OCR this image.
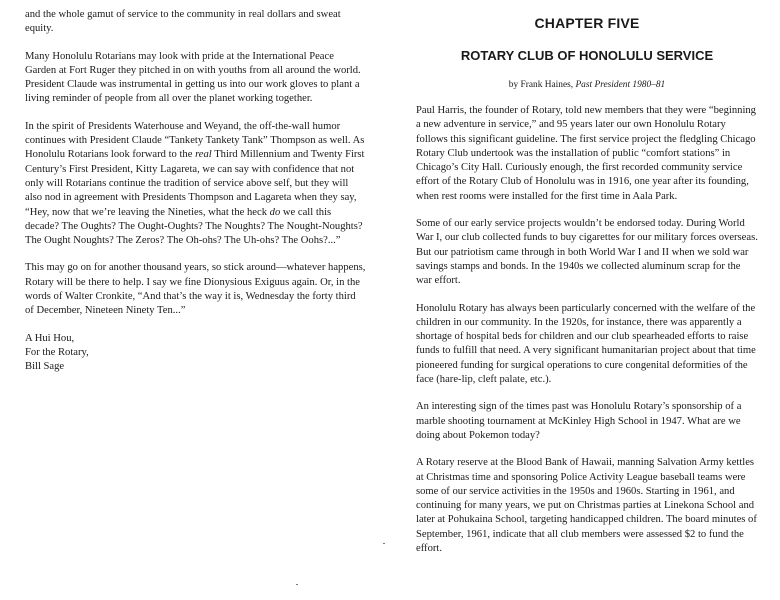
and the whole gamut of service to the community in real dollars and sweat equity.

Many Honolulu Rotarians may look with pride at the International Peace Garden at Fort Ruger they pitched in on with youths from all around the world. President Claude was instrumental in getting us into our work gloves to plant a living reminder of people from all over the planet working together.

In the spirit of Presidents Waterhouse and Weyand, the off-the-wall humor continues with President Claude “Tankety Tankety Tank” Thompson as well. As Honolulu Rotarians look forward to the real Third Millennium and Twenty First Century’s First President, Kitty Lagareta, we can say with confidence that not only will Rotarians continue the tradition of service above self, but they will also nod in agreement with Presidents Thompson and Lagareta when they say, “Hey, now that we’re leaving the Nineties, what the heck do we call this decade? The Oughts? The Ought-Oughts? The Noughts? The Nought-Noughts? The Ought Noughts? The Zeros? The Oh-ohs? The Uh-ohs? The Oohs?...”

This may go on for another thousand years, so stick around—whatever happens, Rotary will be there to help. I say we fine Dionysious Exiguus again. Or, in the words of Walter Cronkite, “And that’s the way it is, Wednesday the forty third of December, Nineteen Ninety Ten...”

A Hui Hou,
For the Rotary,
Bill Sage
CHAPTER FIVE
ROTARY CLUB OF HONOLULU SERVICE
by Frank Haines, Past President 1980–81

Paul Harris, the founder of Rotary, told new members that they were “beginning a new adventure in service,” and 95 years later our own Honolulu Rotary follows this significant guideline. The first service project the fledgling Chicago Rotary Club undertook was the installation of public “comfort stations” in Chicago’s City Hall. Curiously enough, the first recorded community service effort of the Rotary Club of Honolulu was in 1916, one year after its founding, when rest rooms were installed for the first time in Aala Park.

Some of our early service projects wouldn’t be endorsed today. During World War I, our club collected funds to buy cigarettes for our military forces overseas. But our patriotism came through in both World War I and II when we sold war savings stamps and bonds. In the 1940s we collected aluminum scrap for the war effort.

Honolulu Rotary has always been particularly concerned with the welfare of the children in our community. In the 1920s, for instance, there was apparently a shortage of hospital beds for children and our club spearheaded efforts to raise funds to fulfill that need. A very significant humanitarian project about that time pioneered funding for surgical operations to cure congenital deformities of the face (hare-lip, cleft palate, etc.).

An interesting sign of the times past was Honolulu Rotary’s sponsorship of a marble shooting tournament at McKinley High School in 1947. What are we doing about Pokemon today?

A Rotary reserve at the Blood Bank of Hawaii, manning Salvation Army kettles at Christmas time and sponsoring Police Activity League baseball teams were some of our service activities in the 1950s and 1960s. Starting in 1961, and continuing for many years, we put on Christmas parties at Linekona School and later at Pohukaina School, targeting handicapped children. The board minutes of September, 1961, indicate that all club members were assessed $2 to fund the effort.
